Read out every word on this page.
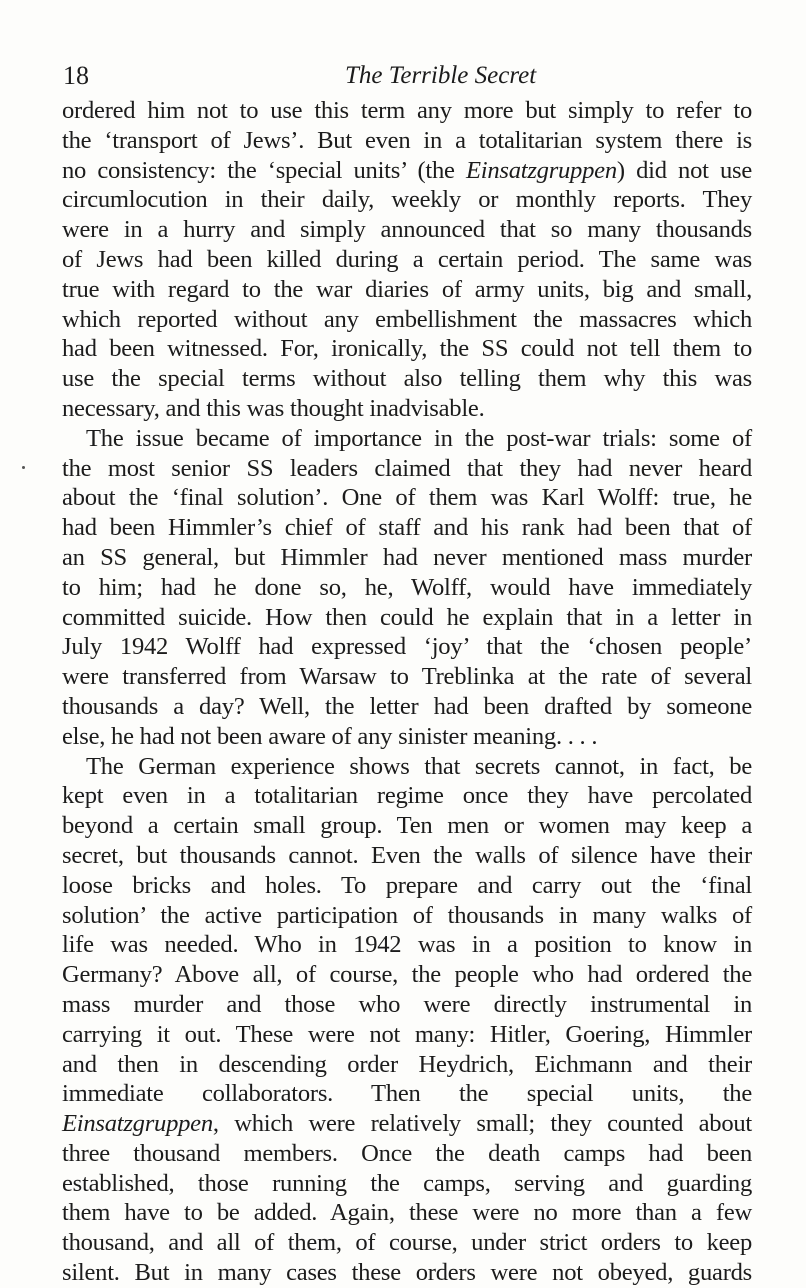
18	The Terrible Secret
ordered him not to use this term any more but simply to refer to
the ‘transport of Jews’. But even in a totalitarian system there is
no consistency: the ‘special units’ (the Einsatzgruppen) did not use
circumlocution in their daily, weekly or monthly reports. They
were in a hurry and simply announced that so many thousands
of Jews had been killed during a certain period. The same was
true with regard to the war diaries of army units, big and small,
which reported without any embellishment the massacres which
had been witnessed. For, ironically, the SS could not tell them to
use the special terms without also telling them why this was
necessary, and this was thought inadvisable.
The issue became of importance in the post-war trials: some of
the most senior SS leaders claimed that they had never heard
about the ‘final solution’. One of them was Karl Wolff: true, he
had been Himmler’s chief of staff and his rank had been that of
an SS general, but Himmler had never mentioned mass murder
to him; had he done so, he, Wolff, would have immediately
committed suicide. How then could he explain that in a letter in
July 1942 Wolff had expressed ‘joy’ that the ‘chosen people’
were transferred from Warsaw to Treblinka at the rate of several
thousands a day? Well, the letter had been drafted by someone
else, he had not been aware of any sinister meaning. . . .
The German experience shows that secrets cannot, in fact, be
kept even in a totalitarian regime once they have percolated
beyond a certain small group. Ten men or women may keep a
secret, but thousands cannot. Even the walls of silence have their
loose bricks and holes. To prepare and carry out the ‘final
solution’ the active participation of thousands in many walks of
life was needed. Who in 1942 was in a position to know in
Germany? Above all, of course, the people who had ordered the
mass murder and those who were directly instrumental in
carrying it out. These were not many: Hitler, Goering, Himmler
and then in descending order Heydrich, Eichmann and their
immediate collaborators. Then the special units, the
Einsatzgruppen, which were relatively small; they counted about
three thousand members. Once the death camps had been
established, those running the camps, serving and guarding
them have to be added. Again, these were no more than a few
thousand, and all of them, of course, under strict orders to keep
silent. But in many cases these orders were not obeyed, guards
